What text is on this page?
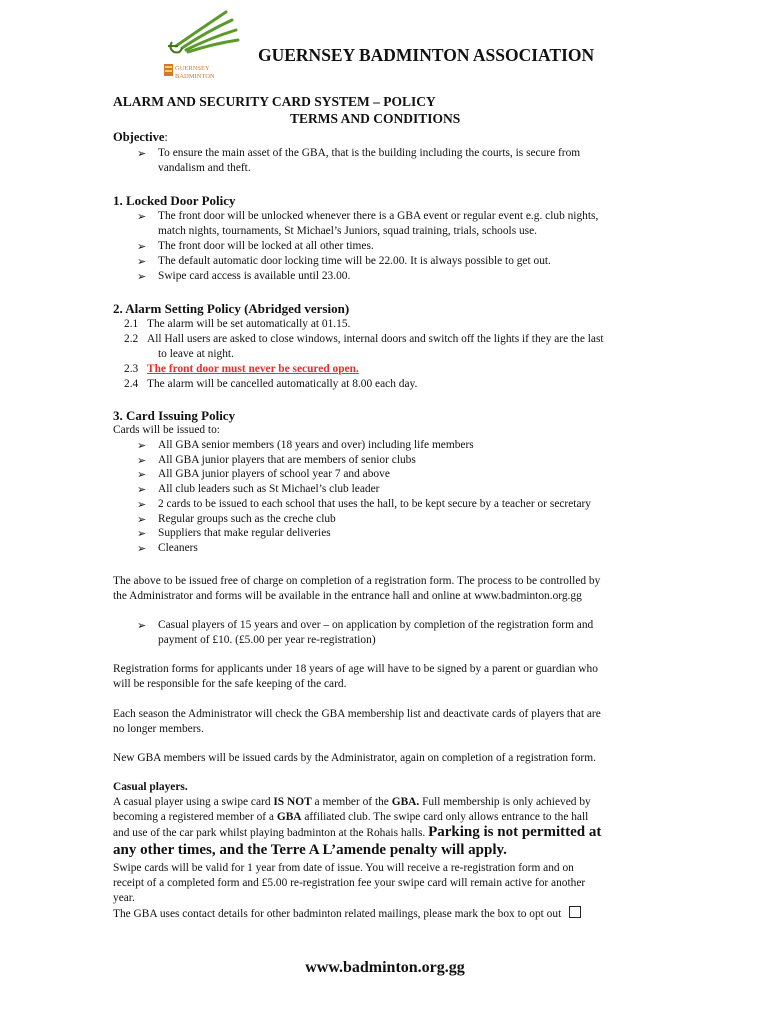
GUERNSEY
BADMINTON
GUERNSEY BADMINTON ASSOCIATION
ALARM AND SECURITY CARD SYSTEM – POLICY
TERMS AND CONDITIONS
Objective:
➢ To ensure the main asset of the GBA, that is the building including the courts, is secure from
vandalism and theft.
1. Locked Door Policy
➢ The front door will be unlocked whenever there is a GBA event or regular event e.g. club nights,
match nights, tournaments, St Michael’s Juniors, squad training, trials, schools use.
➢ The front door will be locked at all other times.
➢ The default automatic door locking time will be 22.00. It is always possible to get out.
➢ Swipe card access is available until 23.00.
2. Alarm Setting Policy (Abridged version)
2.1 The alarm will be set automatically at 01.15.
2.2 All Hall users are asked to close windows, internal doors and switch off the lights if they are the last
to leave at night.
2.3 The front door must never be secured open.
2.4 The alarm will be cancelled automatically at 8.00 each day.
3. Card Issuing Policy
Cards will be issued to:
➢ All GBA senior members (18 years and over) including life members
➢ All GBA junior players that are members of senior clubs
➢ All GBA junior players of school year 7 and above
➢ All club leaders such as St Michael’s club leader
➢ 2 cards to be issued to each school that uses the hall, to be kept secure by a teacher or secretary
➢ Regular groups such as the creche club
➢ Suppliers that make regular deliveries
➢ Cleaners
The above to be issued free of charge on completion of a registration form. The process to be controlled by
the Administrator and forms will be available in the entrance hall and online at www.badminton.org.gg
➢ Casual players of 15 years and over – on application by completion of the registration form and
payment of £10. (£5.00 per year re-registration)
Registration forms for applicants under 18 years of age will have to be signed by a parent or guardian who
will be responsible for the safe keeping of the card.
Each season the Administrator will check the GBA membership list and deactivate cards of players that are
no longer members.
New GBA members will be issued cards by the Administrator, again on completion of a registration form.
Casual players.
A casual player using a swipe card IS NOT a member of the GBA. Full membership is only achieved by
becoming a registered member of a GBA affiliated club. The swipe card only allows entrance to the hall
and use of the car park whilst playing badminton at the Rohais halls. Parking is not permitted at
any other times, and the Terre A L’amende penalty will apply.
Swipe cards will be valid for 1 year from date of issue. You will receive a re-registration form and on
receipt of a completed form and £5.00 re-registration fee your swipe card will remain active for another
year.
The GBA uses contact details for other badminton related mailings, please mark the box to opt out
www.badminton.org.gg
